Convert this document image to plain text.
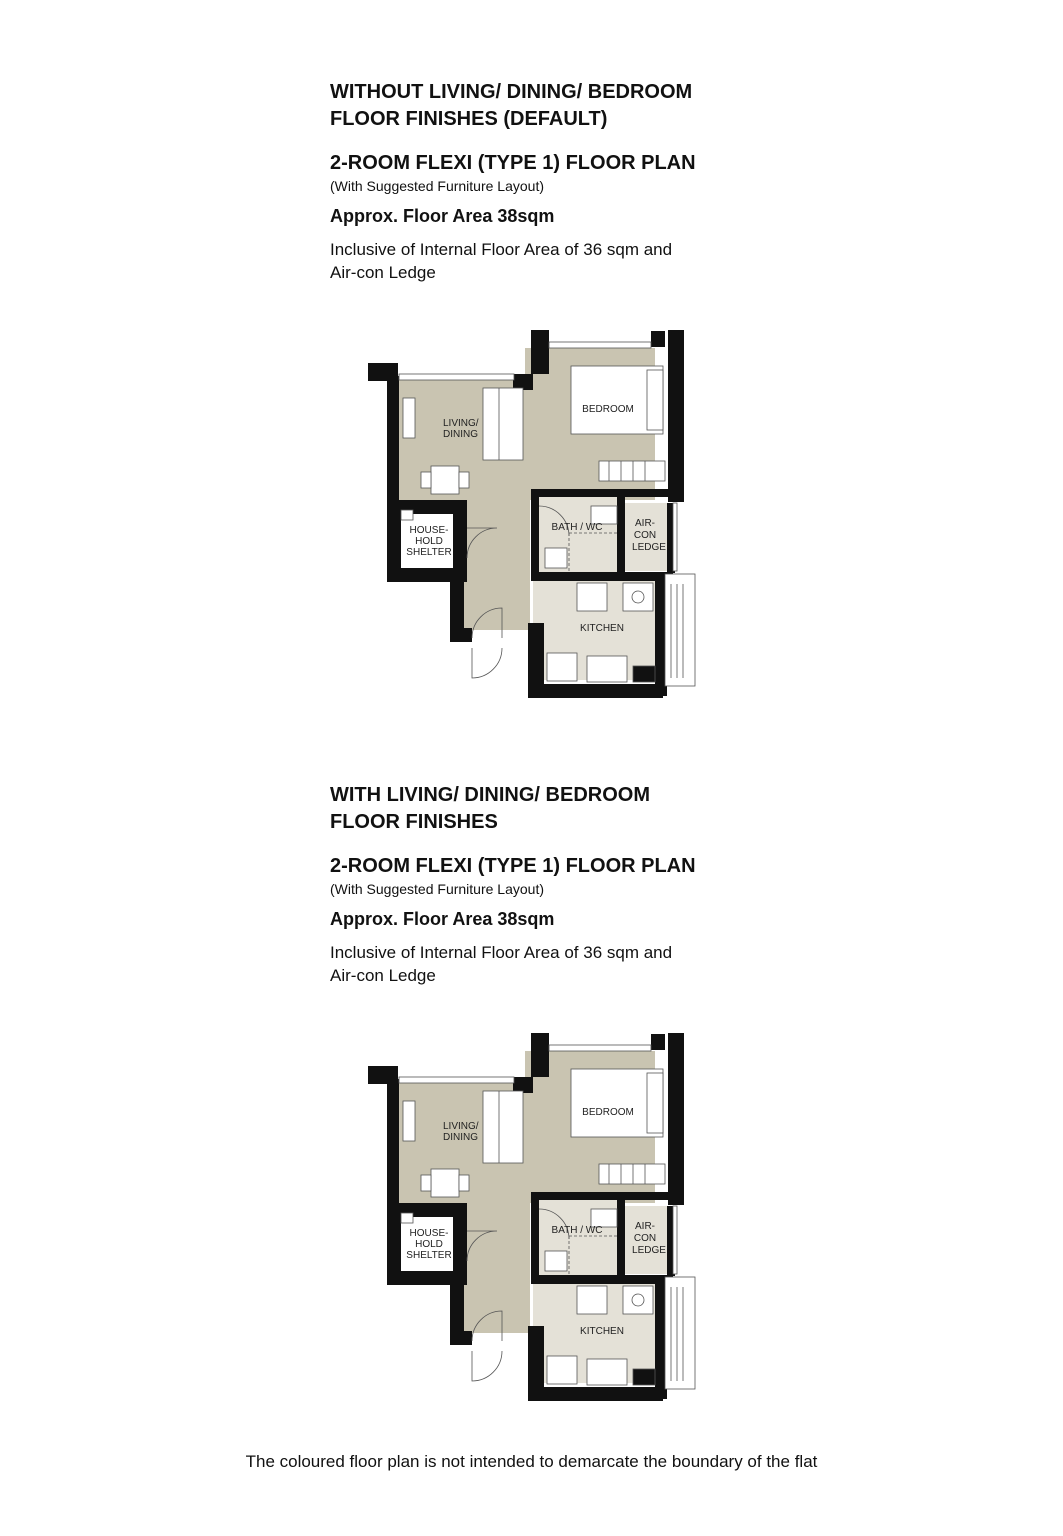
WITHOUT LIVING/ DINING/ BEDROOM

FLOOR FINISHES (DEFAULT)

2-ROOM FLEXI (TYPE 1) FLOOR PLAN

(With Suggested Furniture Layout)

Approx. Floor Area 38sqm

Inclusive of Internal Floor Area of 36 sqm and

Air-con Ledge

LIVING/
DINING
BEDROOM
HOUSE-
HOLD
SHELTER
BATH / WC	AIR-
CON
LEDGE
KITCHEN

WITH LIVING/ DINING/ BEDROOM

FLOOR FINISHES

2-ROOM FLEXI (TYPE 1) FLOOR PLAN

(With Suggested Furniture Layout)

Approx. Floor Area 38sqm

Inclusive of Internal Floor Area of 36 sqm and

Air-con Ledge

LIVING/
DINING
BEDROOM
HOUSE-
HOLD
SHELTER
BATH / WC	AIR-
CON
LEDGE
KITCHEN

The coloured floor plan is not intended to demarcate the boundary of the flat
